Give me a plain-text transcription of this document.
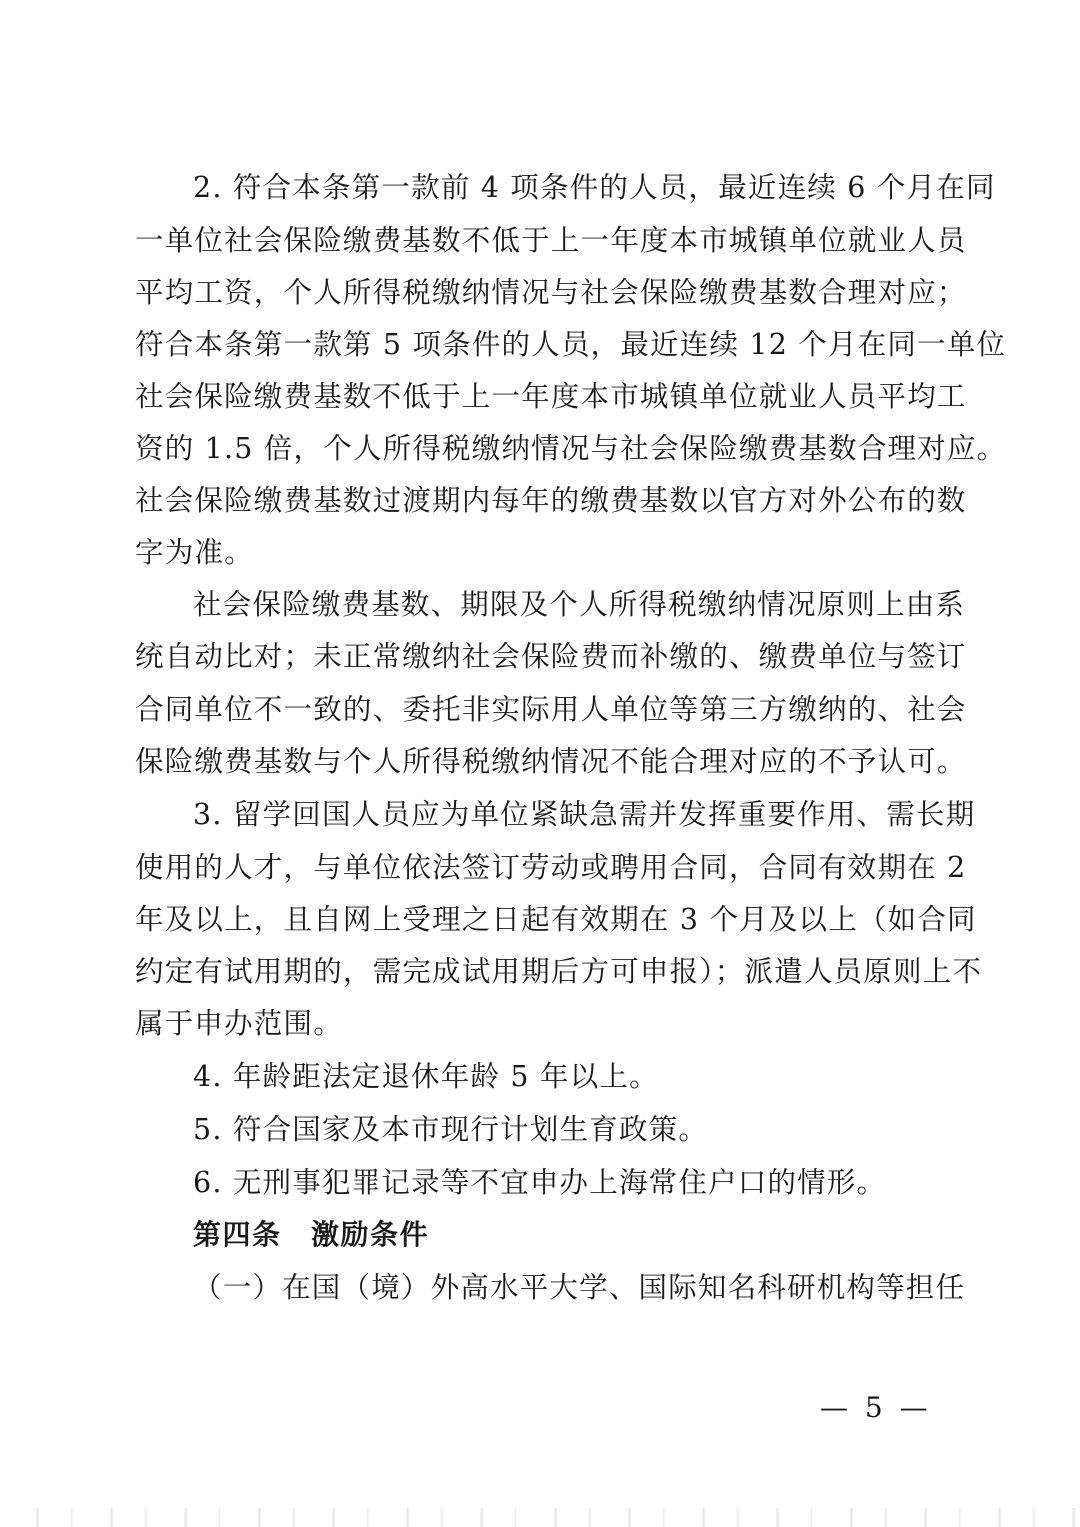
2. 符合本条第一款前 4 项条件的人员，最近连续 6 个月在同
一单位社会保险缴费基数不低于上一年度本市城镇单位就业人员
平均工资，个人所得税缴纳情况与社会保险缴费基数合理对应；
符合本条第一款第 5 项条件的人员，最近连续 12 个月在同一单位
社会保险缴费基数不低于上一年度本市城镇单位就业人员平均工
资的 1.5 倍，个人所得税缴纳情况与社会保险缴费基数合理对应。
社会保险缴费基数过渡期内每年的缴费基数以官方对外公布的数
字为准。
社会保险缴费基数、期限及个人所得税缴纳情况原则上由系
统自动比对；未正常缴纳社会保险费而补缴的、缴费单位与签订
合同单位不一致的、委托非实际用人单位等第三方缴纳的、社会
保险缴费基数与个人所得税缴纳情况不能合理对应的不予认可。
3. 留学回国人员应为单位紧缺急需并发挥重要作用、需长期
使用的人才，与单位依法签订劳动或聘用合同，合同有效期在 2
年及以上，且自网上受理之日起有效期在 3 个月及以上（如合同
约定有试用期的，需完成试用期后方可申报）；派遣人员原则上不
属于申办范围。
4. 年龄距法定退休年龄 5 年以上。
5. 符合国家及本市现行计划生育政策。
6. 无刑事犯罪记录等不宜申办上海常住户口的情形。
第四条　激励条件
（一）在国（境）外高水平大学、国际知名科研机构等担任
— 5 —
